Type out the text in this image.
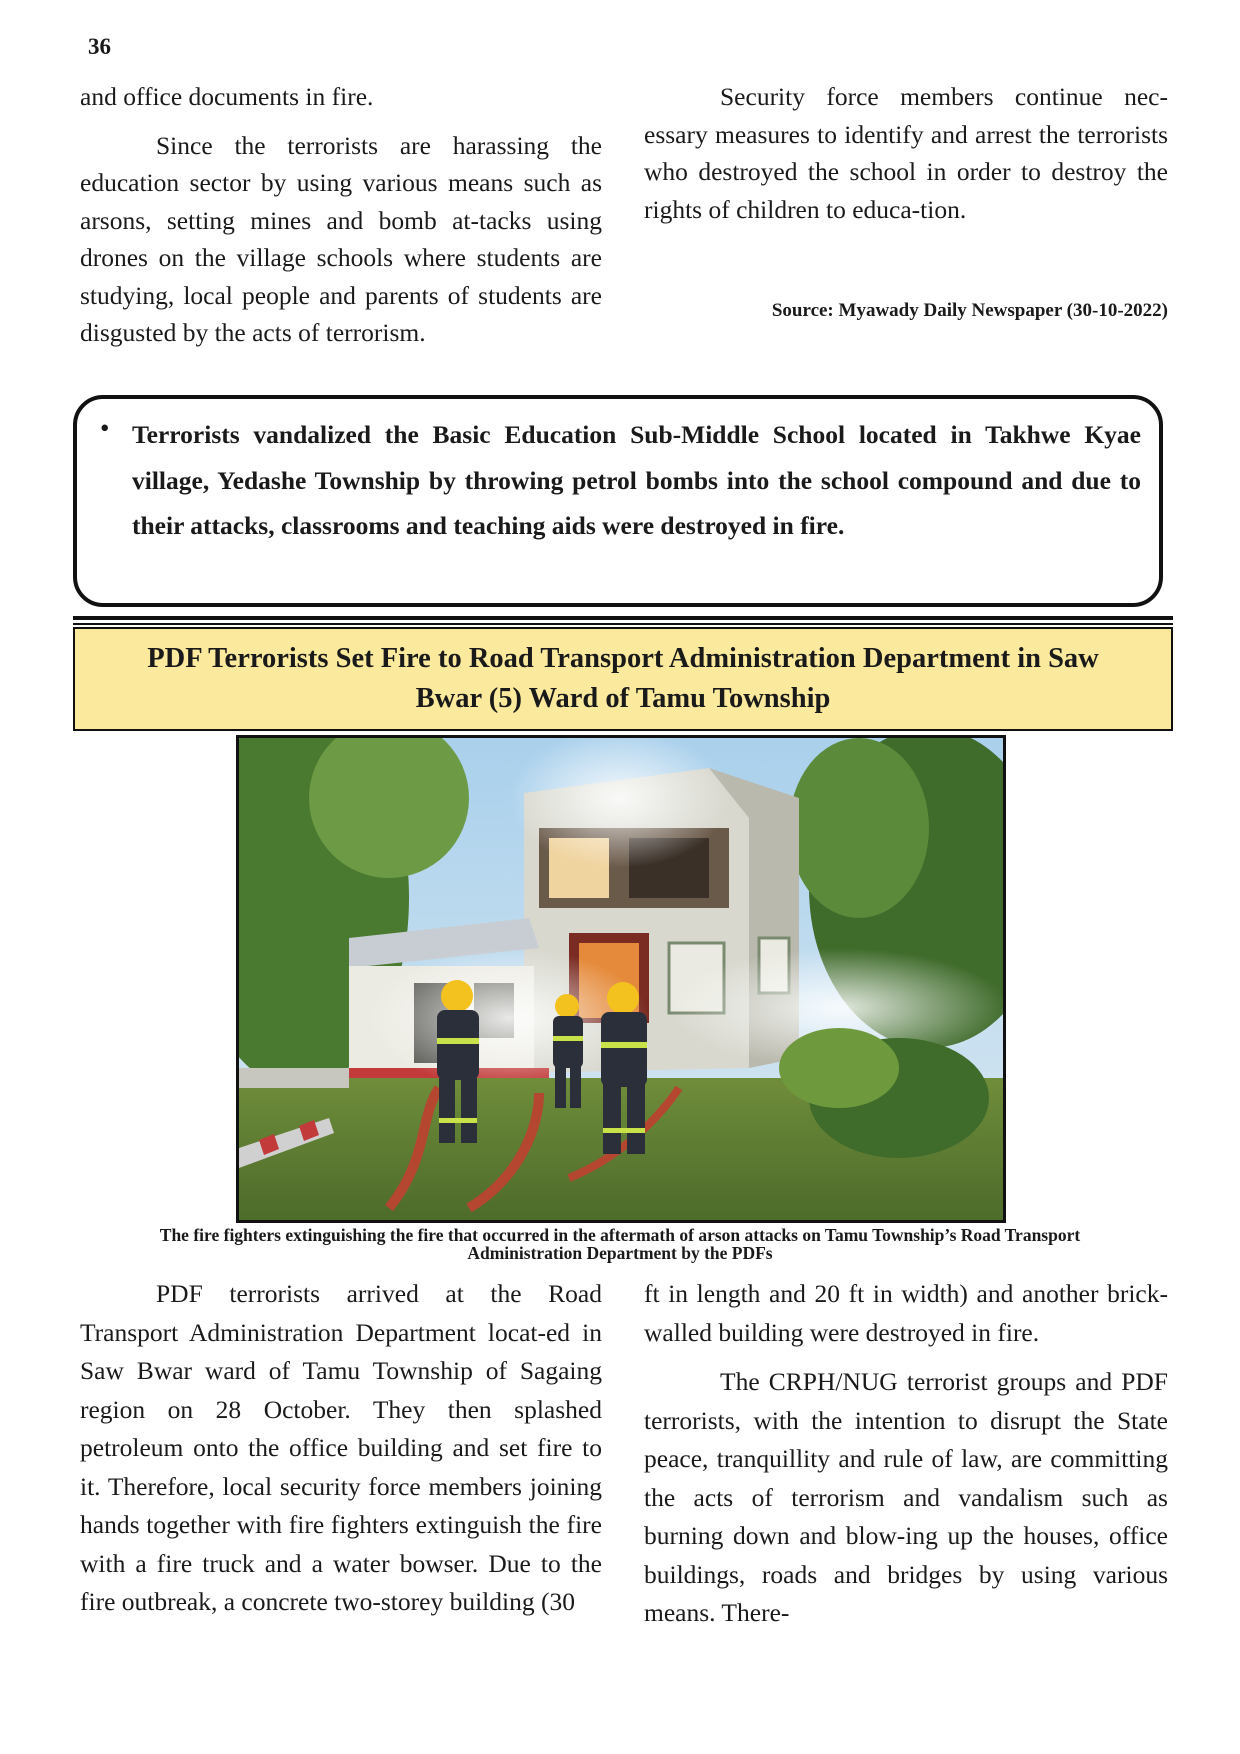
36

and office documents in fire.

Since the terrorists are harassing the education sector by using various means such as arsons, setting mines and bomb at-tacks using drones on the village schools where students are studying, local people and parents of students are disgusted by the acts of terrorism.

Security force members continue nec-essary measures to identify and arrest the terrorists who destroyed the school in order to destroy the rights of children to educa-tion.

Source: Myawady Daily Newspaper (30-10-2022)
• Terrorists vandalized the Basic Education Sub-Middle School located in Takhwe Kyae village, Yedashe Township by throwing petrol bombs into the school compound and due to their attacks, classrooms and teaching aids were destroyed in fire.
PDF Terrorists Set Fire to Road Transport Administration Department in Saw Bwar (5) Ward of Tamu Township
The fire fighters extinguishing the fire that occurred in the aftermath of arson attacks on Tamu Township’s Road Transport Administration Department by the PDFs

PDF terrorists arrived at the Road Transport Administration Department locat-ed in Saw Bwar ward of Tamu Township of Sagaing region on 28 October. They then splashed petroleum onto the office building and set fire to it. Therefore, local security force members joining hands together with fire fighters extinguish the fire with a fire truck and a water bowser. Due to the fire outbreak, a concrete two-storey building (30

ft in length and 20 ft in width) and another brick-walled building were destroyed in fire.

The CRPH/NUG terrorist groups and PDF terrorists, with the intention to disrupt the State peace, tranquillity and rule of law, are committing the acts of terrorism and vandalism such as burning down and blow-ing up the houses, office buildings, roads and bridges by using various means. There-
